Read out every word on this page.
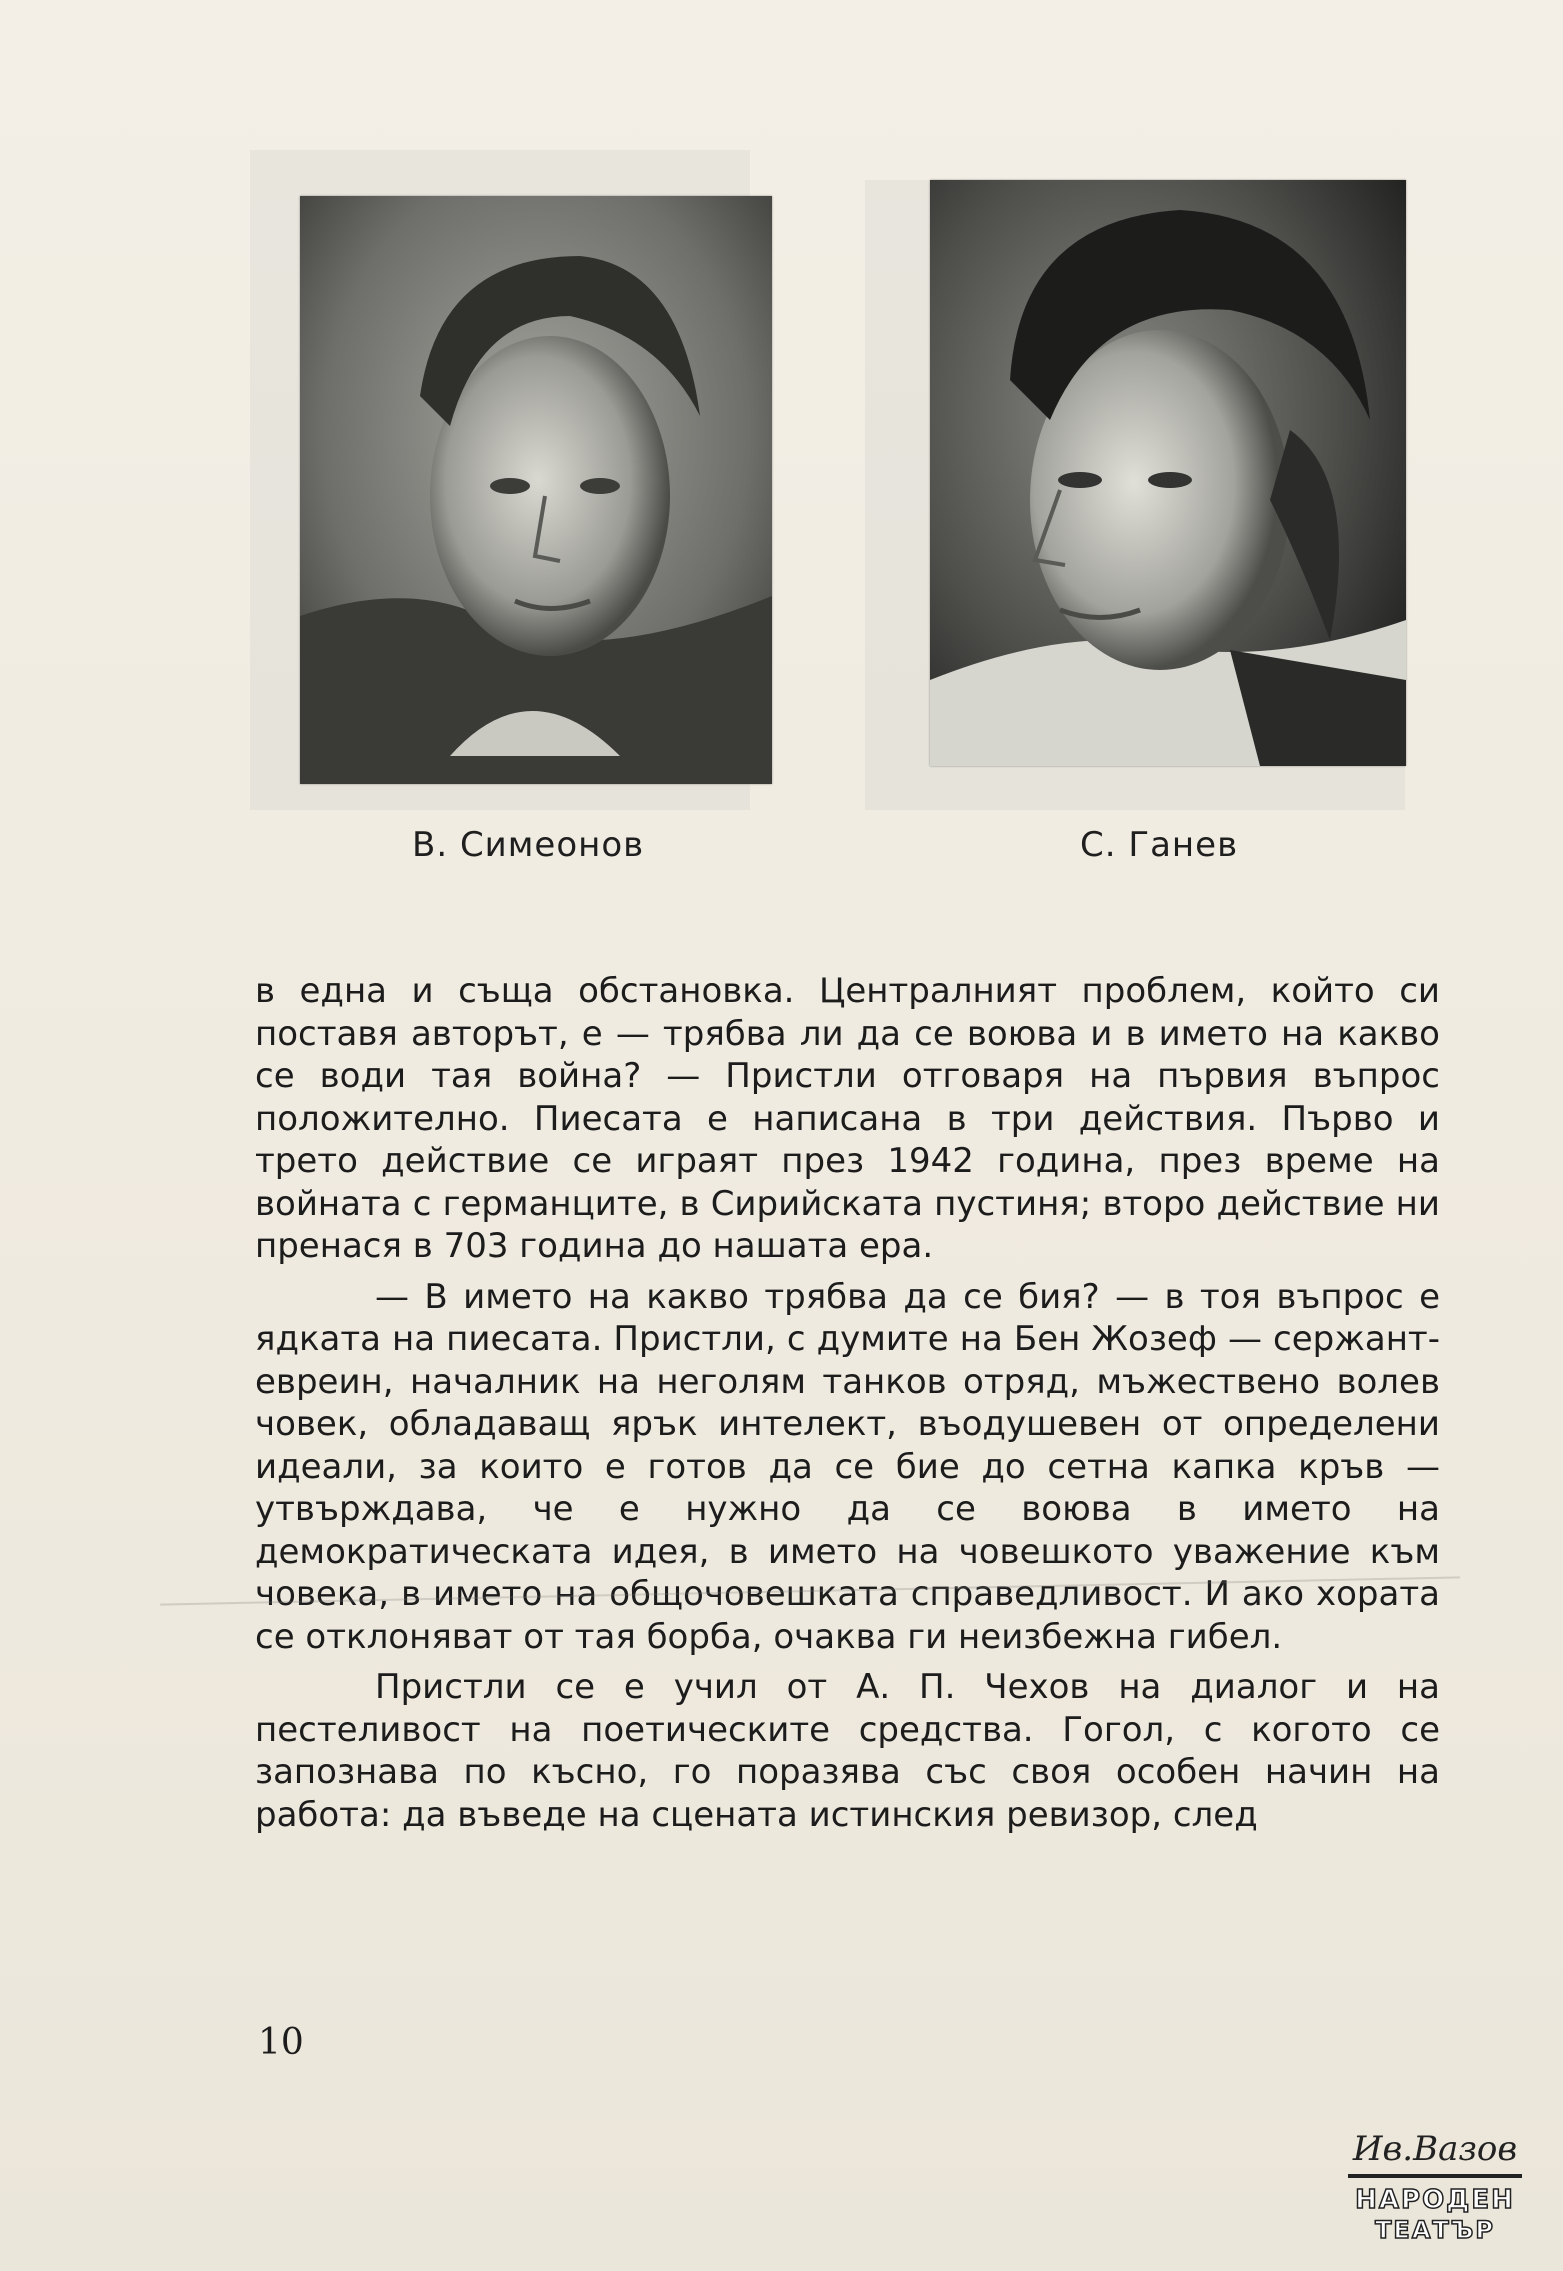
В. Симеонов	С. Ганев

в една и съща обстановка. Централният проблем, който си поставя авторът, е — трябва ли да се воюва и в името на какво се води тая война? — Пристли отговаря на първия въпрос положително. Пиесата е написана в три действия. Първо и трето действие се играят през 1942 година, през време на войната с германците, в Сирийската пустиня; второ действие ни пренася в 703 година до нашата ера.

— В името на какво трябва да се бия? — в тоя въпрос е ядката на пиесата. Пристли, с думите на Бен Жозеф — сержант-евреин, началник на неголям танков отряд, мъжествено волев човек, обладаващ ярък интелект, въодушевен от определени идеали, за които е готов да се бие до сетна капка кръв — утвърждава, че е нужно да се воюва в името на демократическата идея, в името на човешкото уважение към човека, в името на общочовешката справедливост. И ако хората се отклоняват от тая борба, очаква ги неизбежна гибел.

Пристли се е учил от А. П. Чехов на диалог и на пестеливост на поетическите средства. Гогол, с когото се запознава по късно, го поразява със своя особен начин на работа: да въведе на сцената истинския ревизор, след

10
Ив.Вазов
НАРОДЕН
ТЕАТЪР
